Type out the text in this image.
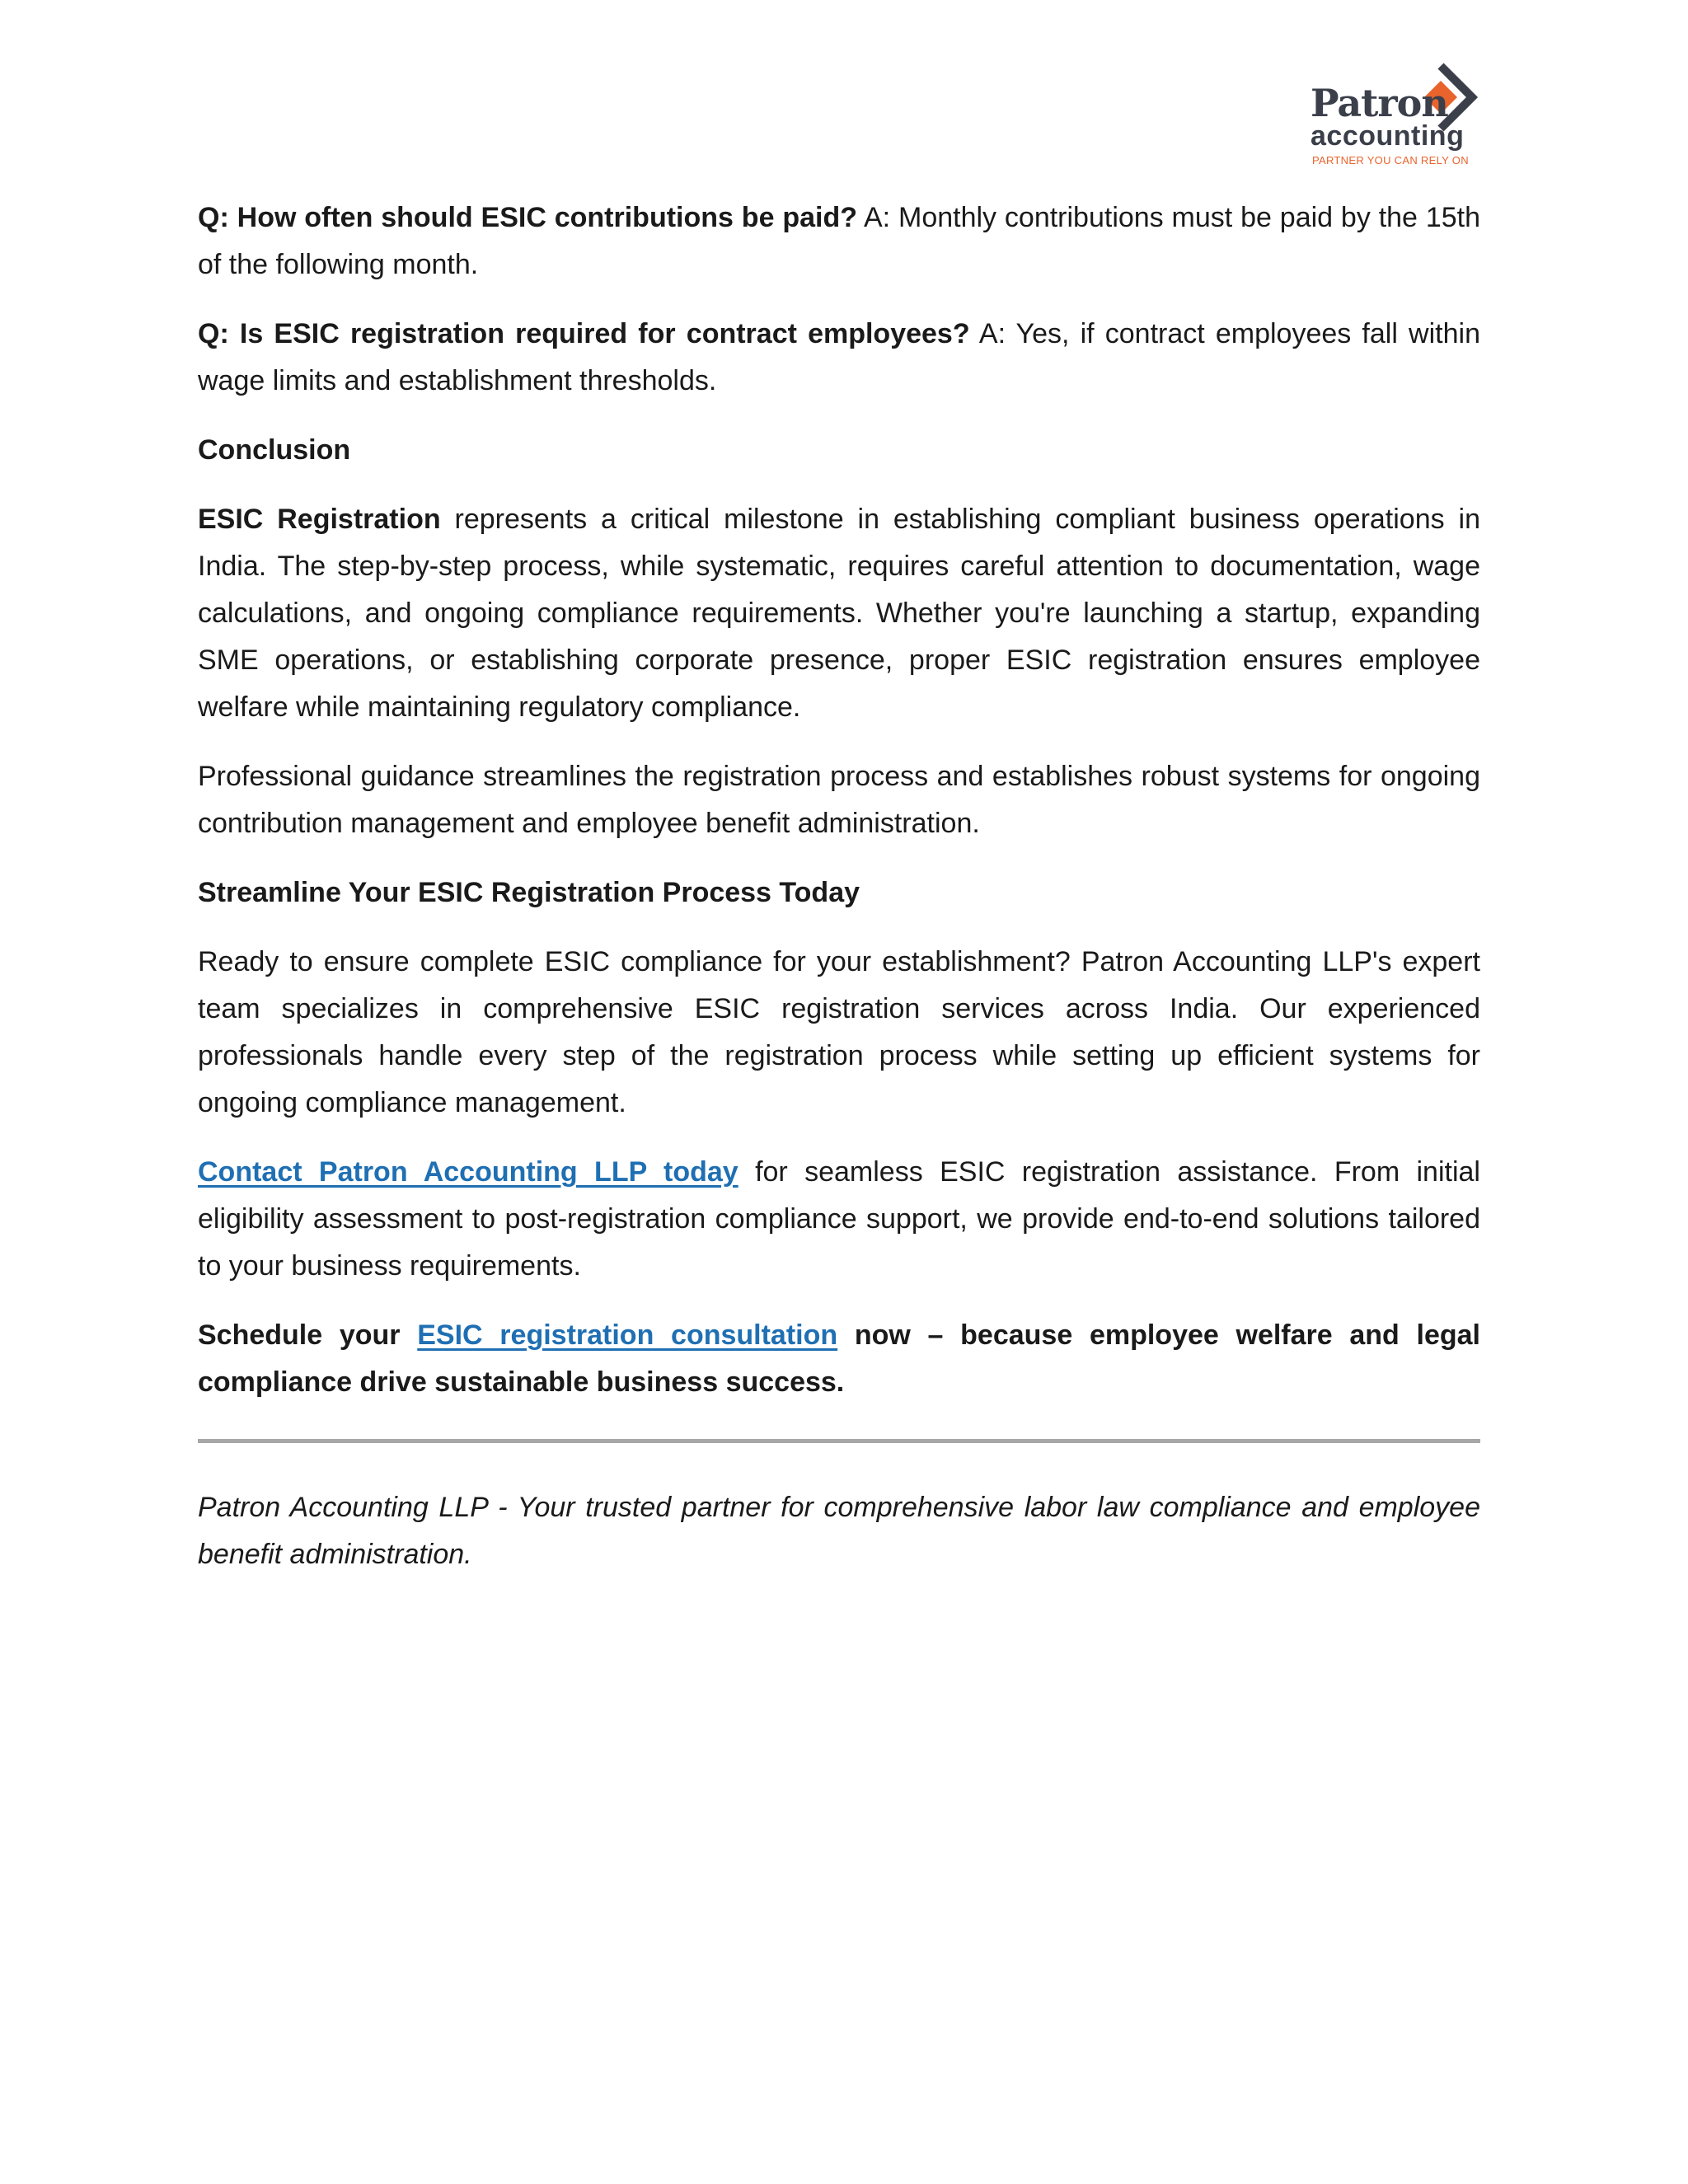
Patron
accounting
PARTNER YOU CAN RELY ON

Q: How often should ESIC contributions be paid? A: Monthly contributions must be paid by the 15th of the following month.

Q: Is ESIC registration required for contract employees? A: Yes, if contract employees fall within wage limits and establishment thresholds.

Conclusion

ESIC Registration represents a critical milestone in establishing compliant business operations in India. The step-by-step process, while systematic, requires careful attention to documentation, wage calculations, and ongoing compliance requirements. Whether you're launching a startup, expanding SME operations, or establishing corporate presence, proper ESIC registration ensures employee welfare while maintaining regulatory compliance.

Professional guidance streamlines the registration process and establishes robust systems for ongoing contribution management and employee benefit administration.

Streamline Your ESIC Registration Process Today

Ready to ensure complete ESIC compliance for your establishment? Patron Accounting LLP's expert team specializes in comprehensive ESIC registration services across India. Our experienced professionals handle every step of the registration process while setting up efficient systems for ongoing compliance management.

Contact Patron Accounting LLP today for seamless ESIC registration assistance. From initial eligibility assessment to post-registration compliance support, we provide end-to-end solutions tailored to your business requirements.

Schedule your ESIC registration consultation now – because employee welfare and legal compliance drive sustainable business success.

Patron Accounting LLP - Your trusted partner for comprehensive labor law compliance and employee benefit administration.
